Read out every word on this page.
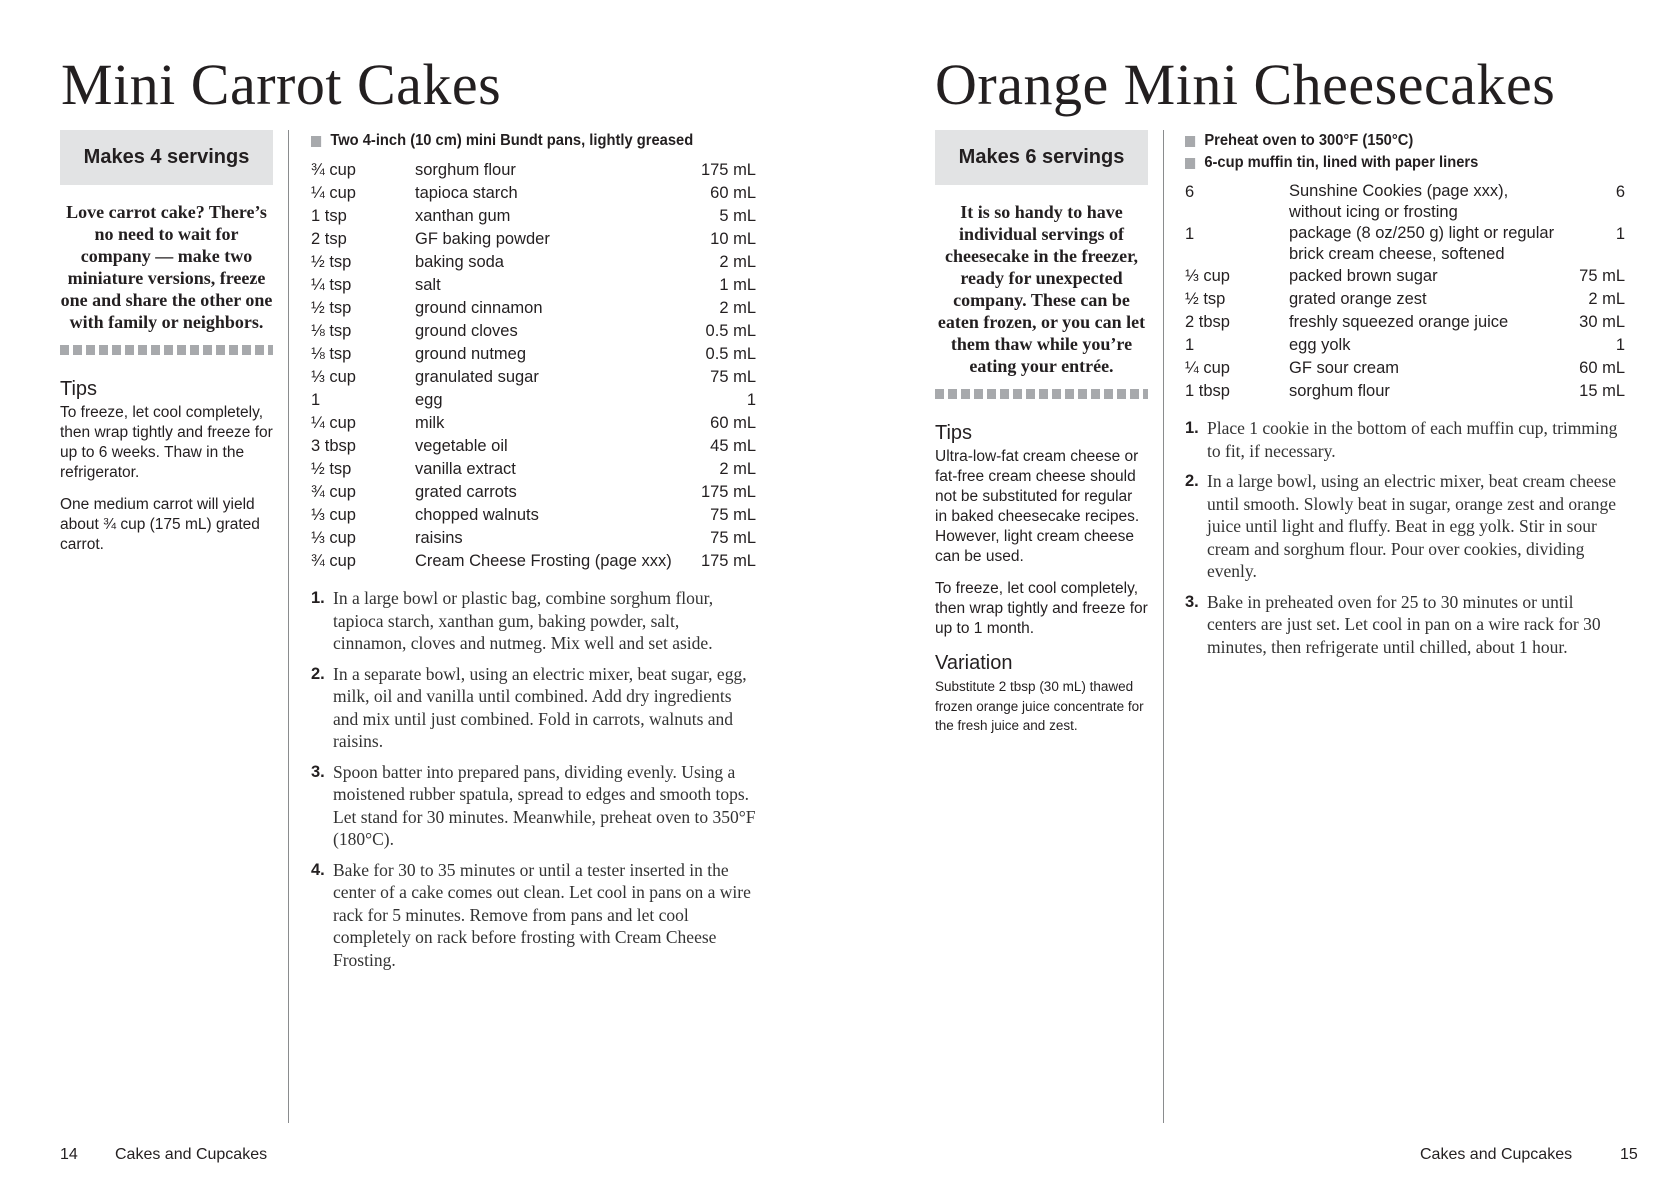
Mini Carrot Cakes
Makes 4 servings

Love carrot cake? There’s no need to wait for company — make two miniature versions, freeze one and share the other one with family or neighbors.

Tips

To freeze, let cool completely, then wrap tightly and freeze for up to 6 weeks. Thaw in the refrigerator.

One medium carrot will yield about ¾ cup (175 mL) grated carrot.

Two 4-inch (10 cm) mini Bundt pans, lightly greased
¾ cup	sorghum flour	175 mL
¼ cup	tapioca starch	60 mL
1 tsp	xanthan gum	5 mL
2 tsp	GF baking powder	10 mL
½ tsp	baking soda	2 mL
¼ tsp	salt	1 mL
½ tsp	ground cinnamon	2 mL
⅛ tsp	ground cloves	0.5 mL
⅛ tsp	ground nutmeg	0.5 mL
⅓ cup	granulated sugar	75 mL
1	egg	1
¼ cup	milk	60 mL
3 tbsp	vegetable oil	45 mL
½ tsp	vanilla extract	2 mL
¾ cup	grated carrots	175 mL
⅓ cup	chopped walnuts	75 mL
⅓ cup	raisins	75 mL
¾ cup	Cream Cheese Frosting (page xxx)	175 mL
1. In a large bowl or plastic bag, combine sorghum flour, tapioca starch, xanthan gum, baking powder, salt, cinnamon, cloves and nutmeg. Mix well and set aside.
2. In a separate bowl, using an electric mixer, beat sugar, egg, milk, oil and vanilla until combined. Add dry ingredients and mix until just combined. Fold in carrots, walnuts and raisins.
3. Spoon batter into prepared pans, dividing evenly. Using a moistened rubber spatula, spread to edges and smooth tops. Let stand for 30 minutes. Meanwhile, preheat oven to 350°F (180°C).
4. Bake for 30 to 35 minutes or until a tester inserted in the center of a cake comes out clean. Let cool in pans on a wire rack for 5 minutes. Remove from pans and let cool completely on rack before frosting with Cream Cheese Frosting.
14 Cakes and Cupcakes
Orange Mini Cheesecakes
Makes 6 servings

It is so handy to have individual servings of cheesecake in the freezer, ready for unexpected company. These can be eaten frozen, or you can let them thaw while you’re eating your entrée.

Tips

Ultra-low-fat cream cheese or fat-free cream cheese should not be substituted for regular in baked cheesecake recipes. However, light cream cheese can be used.

To freeze, let cool completely, then wrap tightly and freeze for up to 1 month.

Variation

Substitute 2 tbsp (30 mL) thawed frozen orange juice concentrate for the fresh juice and zest.

Preheat oven to 300°F (150°C)
6-cup muffin tin, lined with paper liners
6	Sunshine Cookies (page xxx), without icing or frosting	6
1	package (8 oz/250 g) light or regular brick cream cheese, softened	1
⅓ cup	packed brown sugar	75 mL
½ tsp	grated orange zest	2 mL
2 tbsp	freshly squeezed orange juice	30 mL
1	egg yolk	1
¼ cup	GF sour cream	60 mL
1 tbsp	sorghum flour	15 mL
1. Place 1 cookie in the bottom of each muffin cup, trimming to fit, if necessary.
2. In a large bowl, using an electric mixer, beat cream cheese until smooth. Slowly beat in sugar, orange zest and orange juice until light and fluffy. Beat in egg yolk. Stir in sour cream and sorghum flour. Pour over cookies, dividing evenly.
3. Bake in preheated oven for 25 to 30 minutes or until centers are just set. Let cool in pan on a wire rack for 30 minutes, then refrigerate until chilled, about 1 hour.
Cakes and Cupcakes	15
